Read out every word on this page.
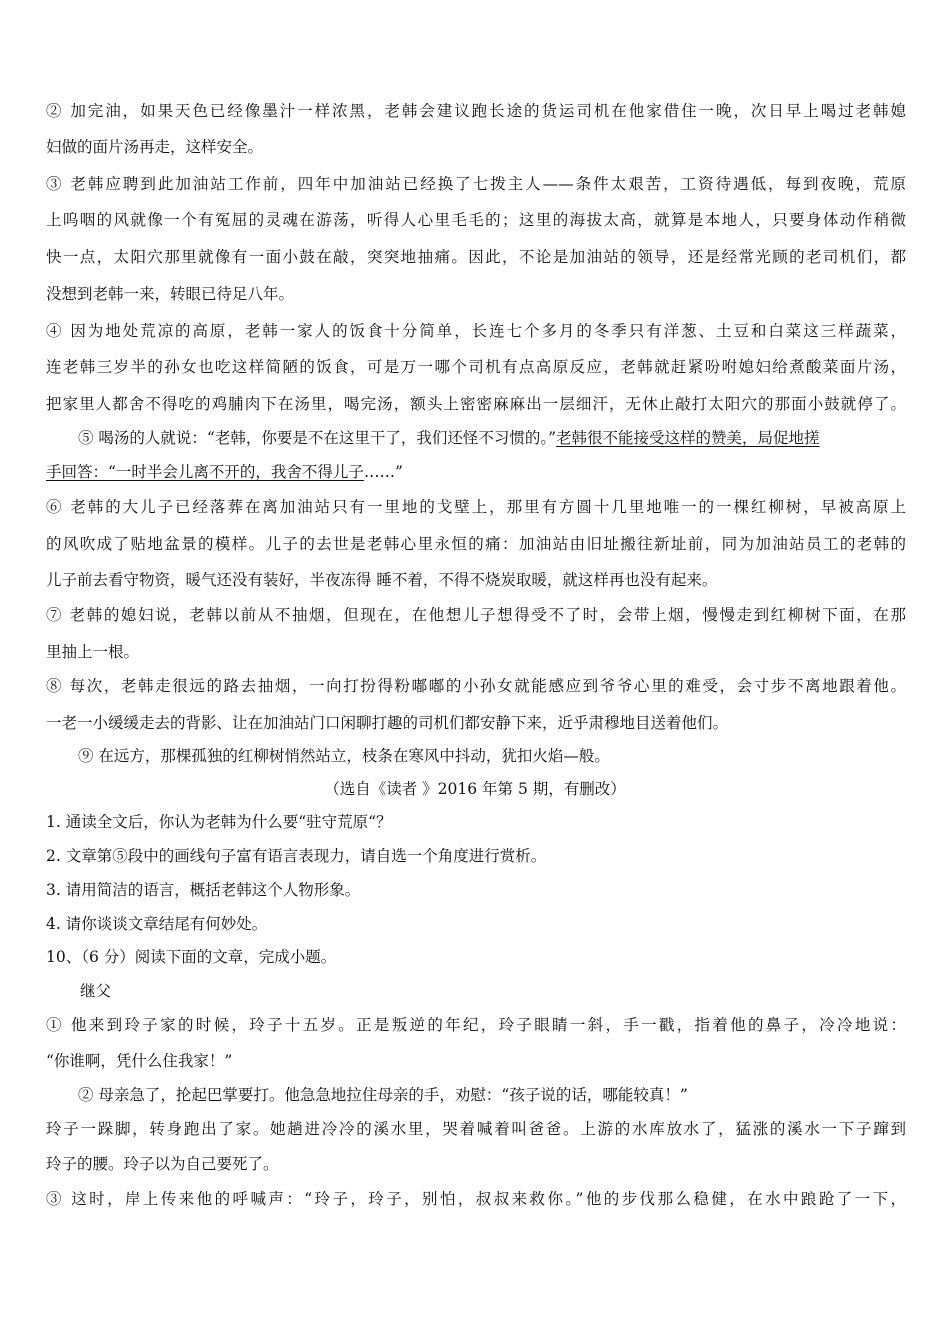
② 加完油，如果天色已经像墨汁一样浓黑，老韩会建议跑长途的货运司机在他家借住一晚，次日早上喝过老韩媳
妇做的面片汤再走，这样安全。
③ 老韩应聘到此加油站工作前，四年中加油站已经换了七拨主人——条件太艰苦，工资待遇低，每到夜晚，荒原
上呜咽的风就像一个有冤屈的灵魂在游荡，听得人心里毛毛的；这里的海拔太高，就算是本地人，只要身体动作稍微
快一点，太阳穴那里就像有一面小鼓在敲，突突地抽痛。因此，不论是加油站的领导，还是经常光顾的老司机们，都
没想到老韩一来，转眼已待足八年。
④ 因为地处荒凉的高原，老韩一家人的饭食十分简单，长连七个多月的冬季只有洋葱、土豆和白菜这三样蔬菜，
连老韩三岁半的孙女也吃这样简陋的饭食，可是万一哪个司机有点高原反应，老韩就赶紧吩咐媳妇给煮酸菜面片汤，
把家里人都舍不得吃的鸡脯肉下在汤里，喝完汤，额头上密密麻麻出一层细汗，无休止敲打太阳穴的那面小鼓就停了。
⑤ 喝汤的人就说：“老韩，你要是不在这里干了，我们还怪不习惯的。”老韩很不能接受这样的赞美，局促地搓
手回答：“一时半会儿离不开的，我舍不得儿子……”
⑥ 老韩的大儿子已经落葬在离加油站只有一里地的戈壁上，那里有方圆十几里地唯一的一棵红柳树，早被高原上
的风吹成了贴地盆景的模样。儿子的去世是老韩心里永恒的痛：加油站由旧址搬往新址前，同为加油站员工的老韩的
儿子前去看守物资，暖气还没有装好，半夜冻得 睡不着，不得不烧炭取暖，就这样再也没有起来。
⑦ 老韩的媳妇说，老韩以前从不抽烟，但现在，在他想儿子想得受不了时，会带上烟，慢慢走到红柳树下面，在那
里抽上一根。
⑧ 每次，老韩走很远的路去抽烟，一向打扮得粉嘟嘟的小孙女就能感应到爷爷心里的难受，会寸步不离地跟着他。
一老一小缓缓走去的背影、让在加油站门口闲聊打趣的司机们都安静下来，近乎肃穆地目送着他们。
⑨ 在远方，那棵孤独的红柳树悄然站立，枝条在寒风中抖动，犹扣火焰—般。
（选自《读者 》2016 年第 5 期，有删改）
1. 通读全文后，你认为老韩为什么要“驻守荒原“？
2. 文章第⑤段中的画线句子富有语言表现力，请自选一个角度进行赏析。
3. 请用简洁的语言，概括老韩这个人物形象。
4. 请你谈谈文章结尾有何妙处。
10、（6 分）阅读下面的文章，完成小题。
继父
① 他来到玲子家的时候，玲子十五岁。正是叛逆的年纪，玲子眼睛一斜，手一戳，指着他的鼻子，冷冷地说：
“你谁啊，凭什么住我家！”
② 母亲急了，抡起巴掌要打。他急急地拉住母亲的手，劝慰：“孩子说的话，哪能较真！”
玲子一跺脚，转身跑出了家。她趟进冷冷的溪水里，哭着喊着叫爸爸。上游的水库放水了，猛涨的溪水一下子蹿到
玲子的腰。玲子以为自己要死了。
③ 这时，岸上传来他的呼喊声：“玲子，玲子，别怕，叔叔来救你。”他的步伐那么稳健，在水中踉跄了一下，
